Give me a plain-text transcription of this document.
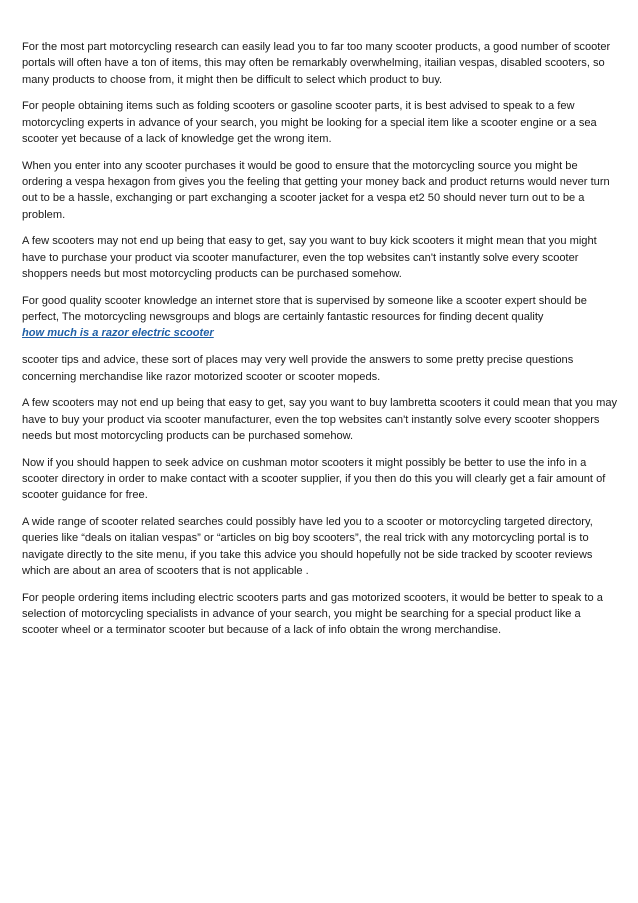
For the most part motorcycling research can easily lead you to far too many scooter products, a good number of scooter portals will often have a ton of items, this may often be remarkably overwhelming, itailian vespas, disabled scooters, so many products to choose from, it might then be difficult to select which product to buy.

For people obtaining items such as folding scooters or gasoline scooter parts, it is best advised to speak to a few motorcycling experts in advance of your search, you might be looking for a special item like a scooter engine or a sea scooter yet because of a lack of knowledge get the wrong item.

When you enter into any scooter purchases it would be good to ensure that the motorcycling source you might be ordering a vespa hexagon from gives you the feeling that getting your money back and product returns would never turn out to be a hassle, exchanging or part exchanging a scooter jacket for a vespa et2 50 should never turn out to be a problem.

A few scooters may not end up being that easy to get, say you want to buy kick scooters it might mean that you might have to purchase your product via scooter manufacturer, even the top websites can't instantly solve every scooter shoppers needs but most motorcycling products can be purchased somehow.

For good quality scooter knowledge an internet store that is supervised by someone like a scooter expert should be perfect, The motorcycling newsgroups and blogs are certainly fantastic resources for finding decent quality
how much is a razor electric scooter

scooter tips and advice, these sort of places may very well provide the answers to some pretty precise questions concerning merchandise like razor motorized scooter or scooter mopeds.

A few scooters may not end up being that easy to get, say you want to buy lambretta scooters it could mean that you may have to buy your product via scooter manufacturer, even the top websites can't instantly solve every scooter shoppers needs but most motorcycling products can be purchased somehow.

Now if you should happen to seek advice on cushman motor scooters it might possibly be better to use the info in a scooter directory in order to make contact with a scooter supplier, if you then do this you will clearly get a fair amount of scooter guidance for free.

A wide range of scooter related searches could possibly have led you to a scooter or motorcycling targeted directory, queries like “deals on italian vespas” or “articles on big boy scooters”, the real trick with any motorcycling portal is to navigate directly to the site menu, if you take this advice you should hopefully not be side tracked by scooter reviews which are about an area of scooters that is not applicable .

For people ordering items including electric scooters parts and gas motorized scooters, it would be better to speak to a selection of motorcycling specialists in advance of your search, you might be searching for a special product like a scooter wheel or a terminator scooter but because of a lack of info obtain the wrong merchandise.
